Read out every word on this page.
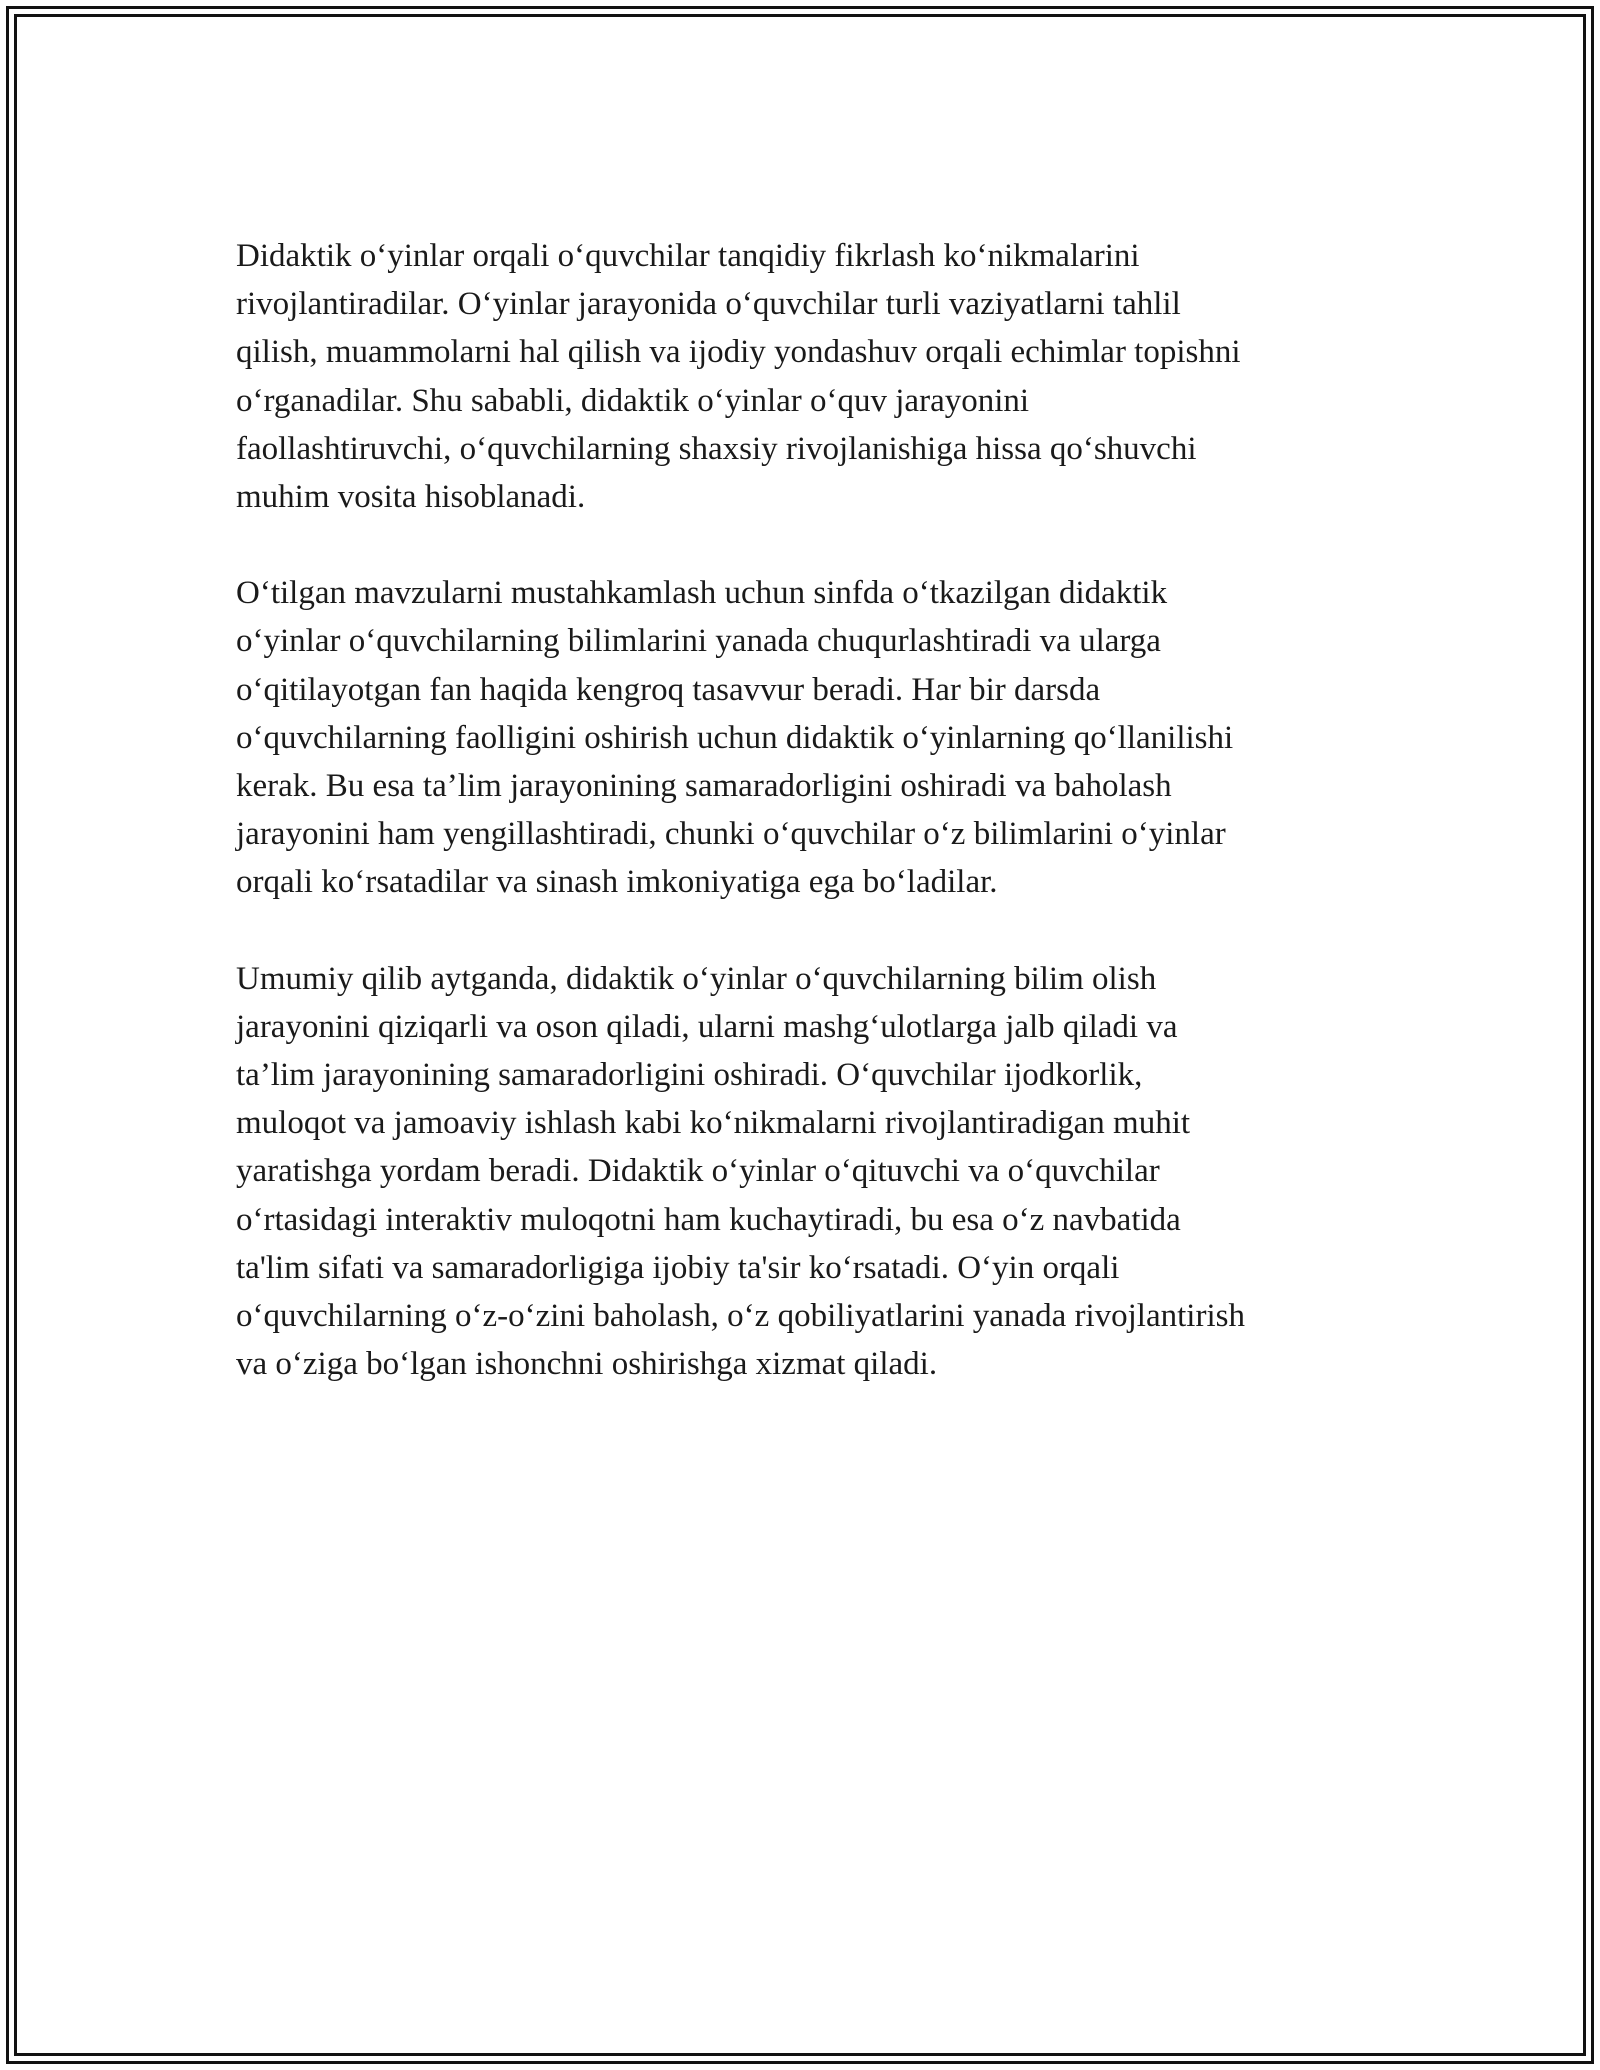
Didaktik o‘yinlar orqali o‘quvchilar tanqidiy fikrlash ko‘nikmalarini
rivojlantiradilar. O‘yinlar jarayonida o‘quvchilar turli vaziyatlarni tahlil
qilish, muammolarni hal qilish va ijodiy yondashuv orqali echimlar topishni
o‘rganadilar. Shu sababli, didaktik o‘yinlar o‘quv jarayonini
faollashtiruvchi, o‘quvchilarning shaxsiy rivojlanishiga hissa qo‘shuvchi
muhim vosita hisoblanadi.

O‘tilgan mavzularni mustahkamlash uchun sinfda o‘tkazilgan didaktik
o‘yinlar o‘quvchilarning bilimlarini yanada chuqurlashtiradi va ularga
o‘qitilayotgan fan haqida kengroq tasavvur beradi. Har bir darsda
o‘quvchilarning faolligini oshirish uchun didaktik o‘yinlarning qo‘llanilishi
kerak. Bu esa ta’lim jarayonining samaradorligini oshiradi va baholash
jarayonini ham yengillashtiradi, chunki o‘quvchilar o‘z bilimlarini o‘yinlar
orqali ko‘rsatadilar va sinash imkoniyatiga ega bo‘ladilar.

Umumiy qilib aytganda, didaktik o‘yinlar o‘quvchilarning bilim olish
jarayonini qiziqarli va oson qiladi, ularni mashg‘ulotlarga jalb qiladi va
ta’lim jarayonining samaradorligini oshiradi. O‘quvchilar ijodkorlik,
muloqot va jamoaviy ishlash kabi ko‘nikmalarni rivojlantiradigan muhit
yaratishga yordam beradi. Didaktik o‘yinlar o‘qituvchi va o‘quvchilar
o‘rtasidagi interaktiv muloqotni ham kuchaytiradi, bu esa o‘z navbatida
ta'lim sifati va samaradorligiga ijobiy ta'sir ko‘rsatadi. O‘yin orqali
o‘quvchilarning o‘z-o‘zini baholash, o‘z qobiliyatlarini yanada rivojlantirish
va o‘ziga bo‘lgan ishonchni oshirishga xizmat qiladi.
